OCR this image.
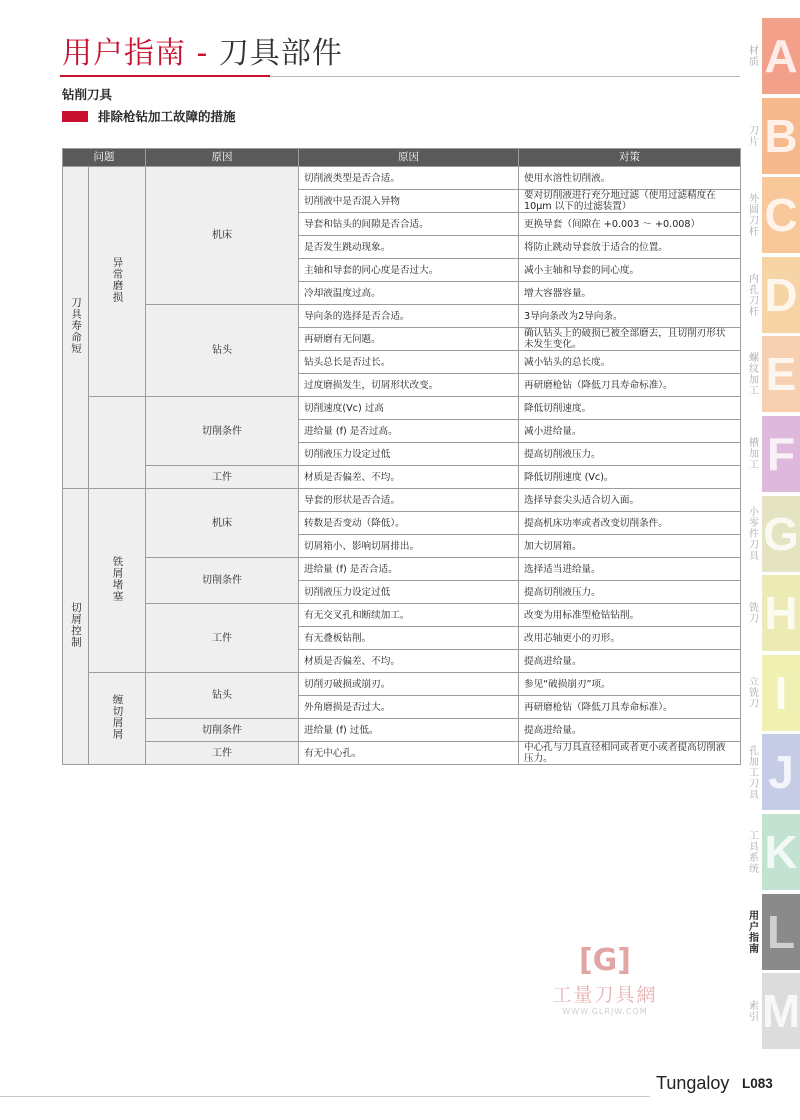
用户指南 - 刀具部件
钻削刀具
排除枪钻加工故障的措施
问题		原因	原因	对策
刀具寿命短	异常磨损	机床	切削液类型是否合适。	使用水溶性切削液。
			切削液中是否混入异物	要对切削液进行充分地过滤（使用过滤精度在 10μm 以下的过滤装置）
			导套和钻头的间隙是否合适。	更换导套（间隙在 +0.003 ～ +0.008）
			是否发生跳动现象。	将防止跳动导套放于适合的位置。
			主轴和导套的同心度是否过大。	减小主轴和导套的同心度。
			冷却液温度过高。	增大容器容量。
		钻头	导向条的选择是否合适。	3导向条改为2导向条。
			再研磨有无问题。	确认钻头上的破损已被全部磨去，且切削刃形状未发生变化。
			钻头总长是否过长。	减小钻头的总长度。
			过度磨损发生，切屑形状改变。	再研磨枪钻（降低刀具寿命标准）。
		切削条件	切削速度(Vc) 过高	降低切削速度。
			进给量 (f) 是否过高。	减小进给量。
			切削液压力设定过低	提高切削液压力。
		工件	材质是否偏差、不均。	降低切削速度 (Vc)。
切屑控制	铁屑堵塞	机床	导套的形状是否合适。	选择导套尖头适合切入面。
			转数是否变动（降低）。	提高机床功率或者改变切削条件。
			切屑箱小、影响切屑排出。	加大切屑箱。
		切削条件	进给量 (f) 是否合适。	选择适当进给量。
			切削液压力设定过低	提高切削液压力。
		工件	有无交叉孔和断续加工。	改变为用标准型枪钻钻削。
			有无叠板钻削。	改用芯轴更小的刃形。
			材质是否偏差、不均。	提高进给量。
	缠切屑屑	钻头	切削刃破损或崩刃。	参见“破损崩刃”项。
			外角磨损是否过大。	再研磨枪钻（降低刀具寿命标准）。
		切削条件	进给量 (f) 过低。	提高进给量。
		工件	有无中心孔。	中心孔与刀具直径相同或者更小或者提高切削液压力。
材质 A
刀片 B
外圆刀杆 C
内孔刀杆 D
螺纹加工 E
槽加工 F
小零件刀具 G
铣刀 H
立铣刀 I
孔加工刀具 J
工具系统 K
用户指南 L
索引 M
[G]
工量刀具網
WWW.GLRJW.COM
Tungaloy L083
